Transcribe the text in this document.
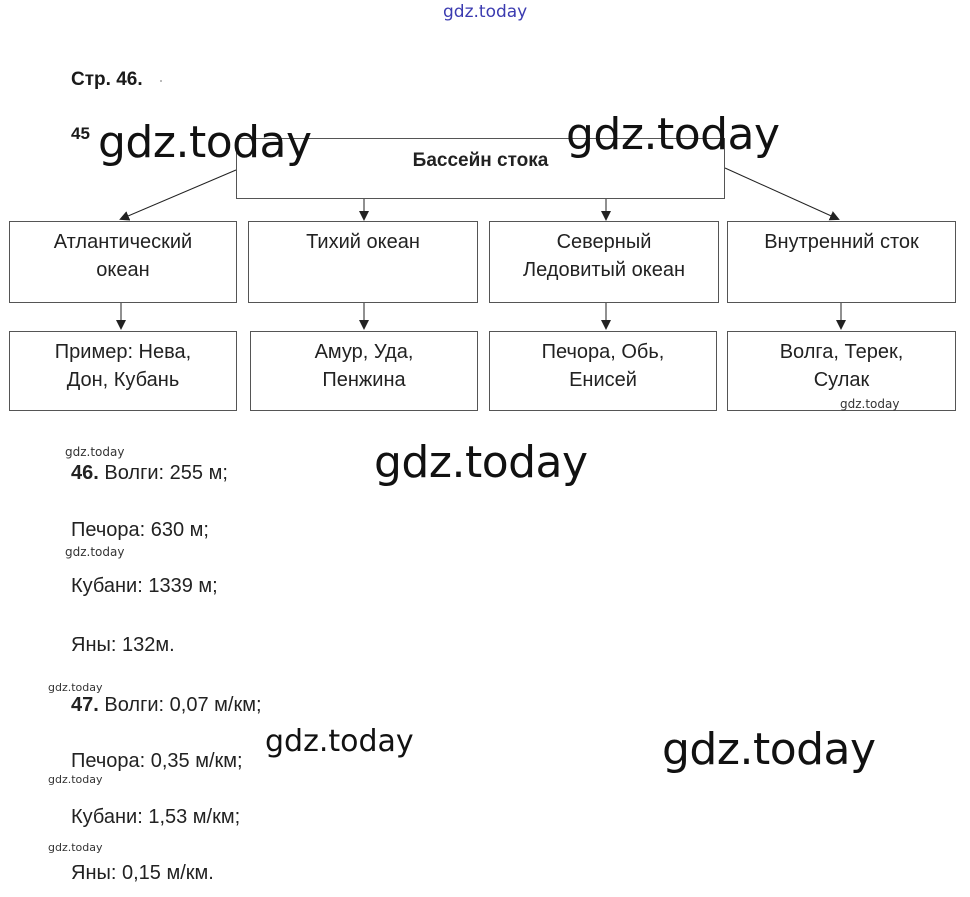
gdz.today
Стр. 46.
45
Бассейн стока
Атлантический
океан
Тихий океан	Северный
Ледовитый океан
Внутренний сток
Пример: Нева,
Дон, Кубань
Амур, Уда,
Пенжина
Печора, Обь,
Енисей
Волга, Терек,
Сулак
gdz.today	gdz.today
gdz.today
gdz.today
gdz.today
gdz.today
gdz.today
gdz.today
gdz.today
gdz.today
gdz.today
46. Волги: 255 м;
Печора: 630 м;
Кубани: 1339 м;
Яны: 132м.
47. Волги: 0,07 м/км;
Печора: 0,35 м/км;
Кубани: 1,53 м/км;
Яны: 0,15 м/км.
